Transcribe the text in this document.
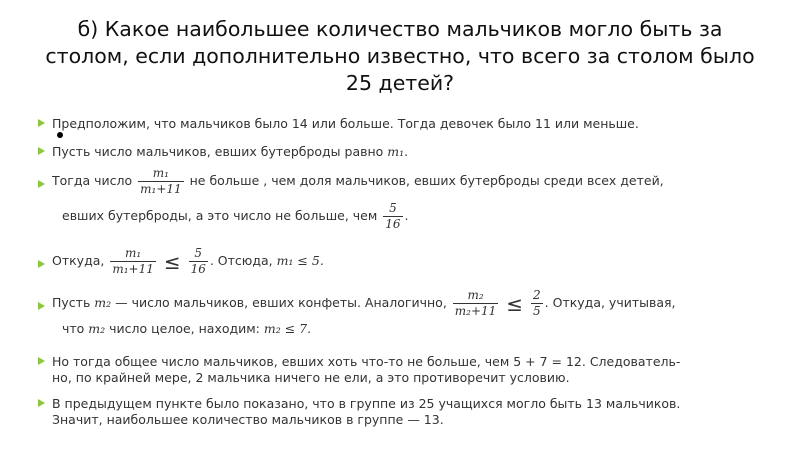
б) Какое наибольшее количество мальчиков могло быть за столом, если дополнительно известно, что всего за столом было 25 детей?
Предположим, что мальчиков было 14 или больше. Тогда девочек было 11 или меньше.
Пусть число мальчиков, евших бутерброды равно m₁.
Тогда число $\frac{\text{m₁}}{\text{m₁+11}}$ не больше , чем доля мальчиков, евших бутерброды среди всех детей,
евших бутерброды, а это число не больше, чем $\frac{5}{16}$ .
Откуда, $\frac{\text{m₁}}{\text{m₁+11}} \le \frac{5}{16}$ . Отсюда, m₁ ≤ 5.
Пусть m₂ — число мальчиков, евших конфеты. Аналогично, $\frac{\text{m₂}}{\text{m₂+11}} \le \frac{2}{5}$ . Откуда, учитывая,
что m₂ число целое, находим: m₂ ≤ 7.
Но тогда общее число мальчиков, евших хоть что-то не больше, чем 5 + 7 = 12. Следователь-
но, по крайней мере, 2 мальчика ничего не ели, а это противоречит условию.
В предыдущем пункте было показано, что в группе из 25 учащихся могло быть 13 мальчиков.
Значит, наибольшее количество мальчиков в группе — 13.
